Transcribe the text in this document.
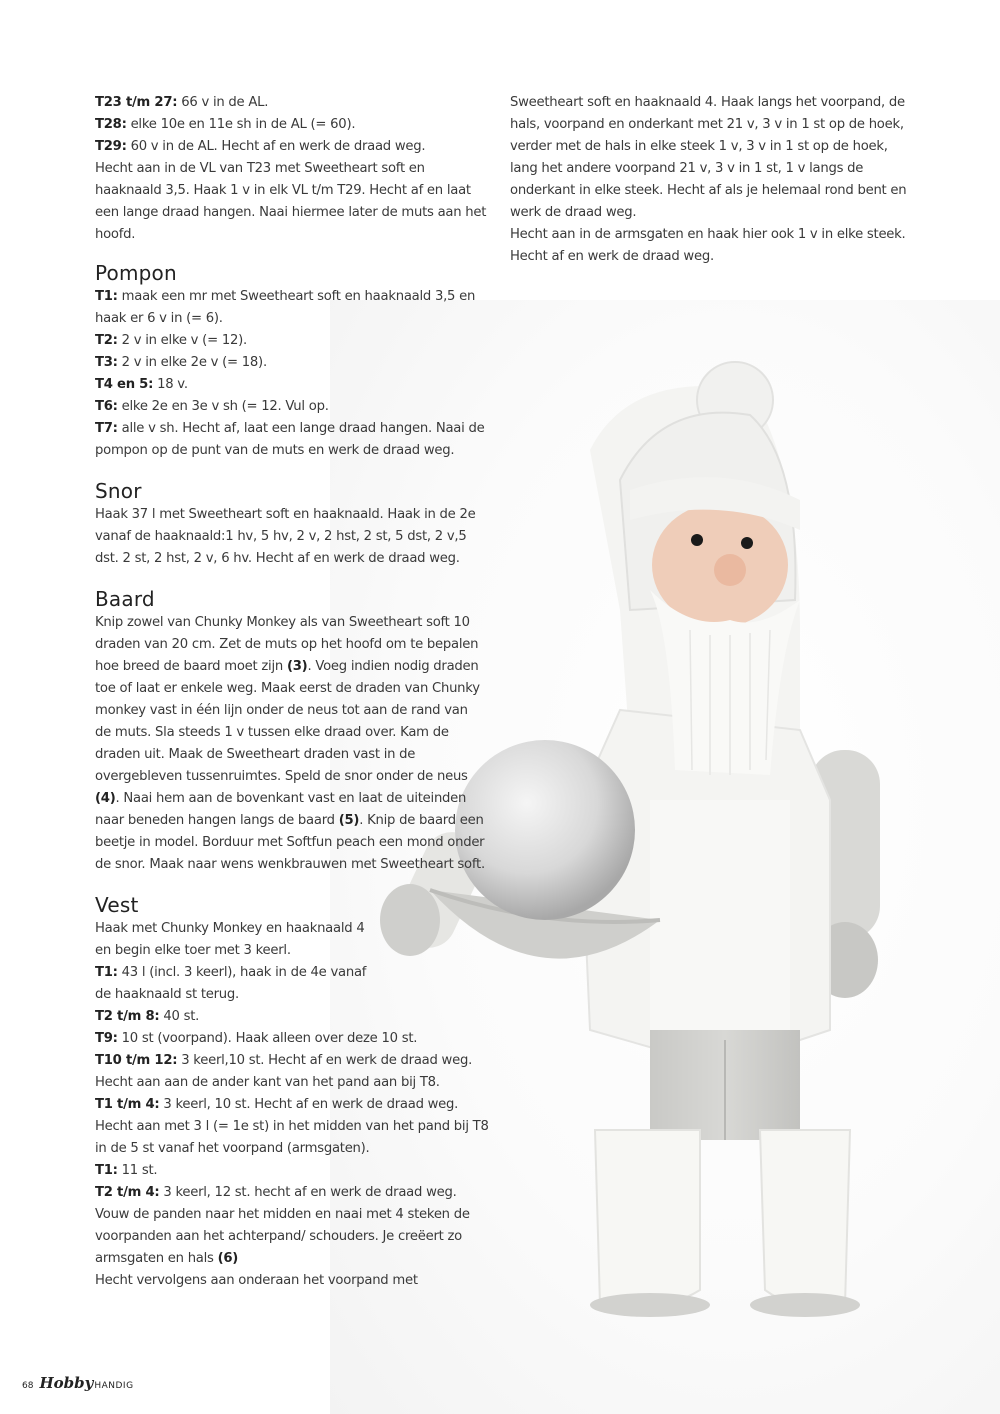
T23 t/m 27: 66 v in de AL.

T28: elke 10e en 11e sh in de AL (= 60).

T29: 60 v in de AL. Hecht af en werk de draad weg.

Hecht aan in de VL van T23 met Sweetheart soft en haaknaald 3,5. Haak 1 v in elk VL t/m T29. Hecht af en laat een lange draad hangen. Naai hiermee later de muts aan het hoofd.

Pompon

T1: maak een mr met Sweetheart soft en haaknaald 3,5 en haak er 6 v in (= 6).

T2: 2 v in elke v (= 12).

T3: 2 v in elke 2e v (= 18).

T4 en 5: 18 v.

T6: elke 2e en 3e v sh (= 12. Vul op.

T7: alle v sh. Hecht af, laat een lange draad hangen. Naai de pompon op de punt van de muts en werk de draad weg.

Snor

Haak 37 l met Sweetheart soft en haaknaald. Haak in de 2e vanaf de haaknaald:1 hv, 5 hv, 2 v, 2 hst, 2 st, 5 dst, 2 v,5 dst. 2 st, 2 hst, 2 v, 6 hv. Hecht af en werk de draad weg.

Baard

Knip zowel van Chunky Monkey als van Sweetheart soft 10 draden van 20 cm. Zet de muts op het hoofd om te bepalen hoe breed de baard moet zijn (3). Voeg indien nodig draden toe of laat er enkele weg. Maak eerst de draden van Chunky monkey vast in één lijn onder de neus tot aan de rand van de muts. Sla steeds 1 v tussen elke draad over. Kam de draden uit. Maak de Sweetheart draden vast in de overgebleven tussenruimtes. Speld de snor onder de neus (4). Naai hem aan de bovenkant vast en laat de uiteinden naar beneden hangen langs de baard (5). Knip de baard een beetje in model. Borduur met Softfun peach een mond onder de snor. Maak naar wens wenkbrauwen met Sweetheart soft.

Vest

Haak met Chunky Monkey en haaknaald 4 en begin elke toer met 3 keerl.

T1: 43 l (incl. 3 keerl), haak in de 4e vanaf de haaknaald st terug.

T2 t/m 8: 40 st.

T9: 10 st (voorpand). Haak alleen over deze 10 st.

T10 t/m 12: 3 keerl,10 st. Hecht af en werk de draad weg.

Hecht aan aan de ander kant van het pand aan bij T8.

T1 t/m 4: 3 keerl, 10 st. Hecht af en werk de draad weg.

Hecht aan met 3 l (= 1e st) in het midden van het pand bij T8 in de 5 st vanaf het voorpand (armsgaten).

T1: 11 st.

T2 t/m 4: 3 keerl, 12 st. hecht af en werk de draad weg.

Vouw de panden naar het midden en naai met 4 steken de voorpanden aan het achterpand/ schouders. Je creëert zo armsgaten en hals (6)

Hecht vervolgens aan onderaan het voorpand met

Sweetheart soft en haaknaald 4. Haak langs het voorpand, de hals, voorpand en onderkant met 21 v, 3 v in 1 st op de hoek, verder met de hals in elke steek 1 v, 3 v in 1 st op de hoek, lang het andere voorpand 21 v, 3 v in 1 st, 1 v langs de onderkant in elke steek. Hecht af als je helemaal rond bent en werk de draad weg.

Hecht aan in de armsgaten en haak hier ook 1 v in elke steek. Hecht af en werk de draad weg.

68 Hobby HANDIG
